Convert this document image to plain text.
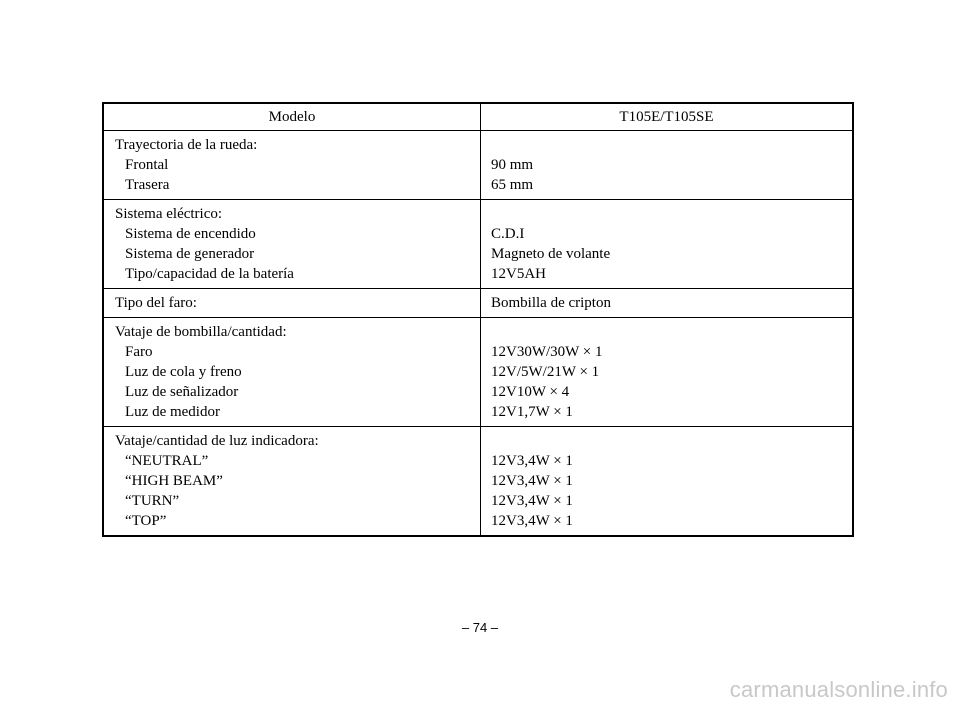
Modelo	T105E/T105SE
Trayectoria de la rueda:
Frontal
Trasera
90 mm
65 mm
Sistema eléctrico:
Sistema de encendido
Sistema de generador
Tipo/capacidad de la batería
C.D.I
Magneto de volante
12V5AH
Tipo del faro:	Bombilla de cripton
Vataje de bombilla/cantidad:
Faro
Luz de cola y freno
Luz de señalizador
Luz de medidor
12V30W/30W × 1
12V/5W/21W × 1
12V10W × 4
12V1,7W × 1
Vataje/cantidad de luz indicadora:
“NEUTRAL”
“HIGH BEAM”
“TURN”
“TOP”
12V3,4W × 1
12V3,4W × 1
12V3,4W × 1
12V3,4W × 1
– 74 –
carmanualsonline.info
